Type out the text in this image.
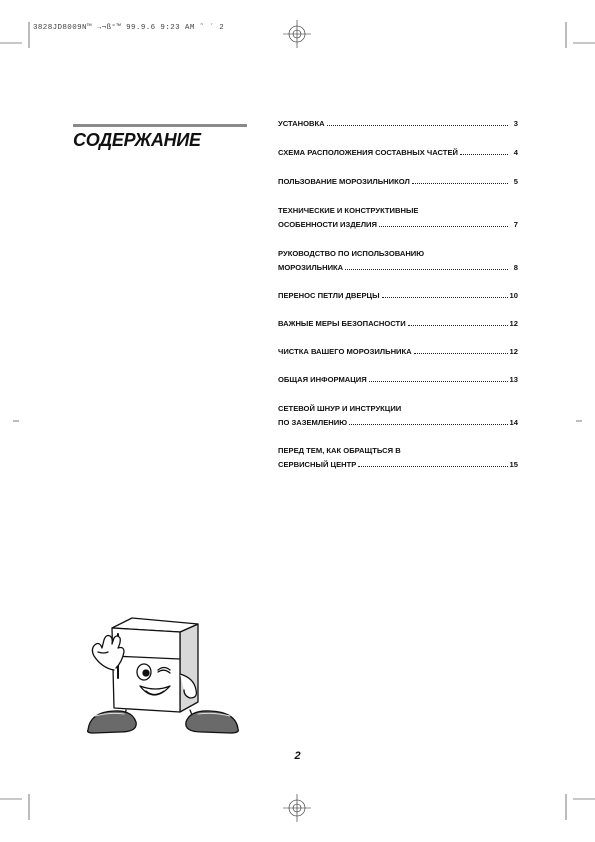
3828JD8009N™ →¬ß°™ 99.9.6 9:23 AM ˜ ´ 2
СОДЕРЖАНИЕ
УСТАНОВКА	3
СХЕМА РАСПОЛОЖЕНИЯ СОСТАВНЫХ ЧАСТЕЙ	4
ПОЛЬЗОВАНИЕ МОРОЗИЛЬНИКОЛ	5
ТЕХНИЧЕСКИЕ И КОНСТРУКТИВНЫЕ
ОСОБЕННОСТИ ИЗДЕЛИЯ	7
РУКОВОДСТВО ПО ИСПОЛЬЗОВАНИЮ
МОРОЗИЛЬНИКА	8
ПЕРЕНОС ПЕТЛИ ДВЕРЦЫ	10
ВАЖНЫЕ МЕРЫ БЕЗОПАСНОСТИ	12
ЧИСТКА ВАШЕГО МОРОЗИЛЬНИКА	12
ОБЩАЯ ИНФОРМАЦИЯ	13
СЕТЕВОЙ ШНУР И ИНСТРУКЦИИ
ПО ЗАЗЕМЛЕНИЮ	14
ПЕРЕД ТЕМ, КАК ОБРАЩТЬСЯ В
СЕРВИСНЫЙ ЦЕНТР	15
2
